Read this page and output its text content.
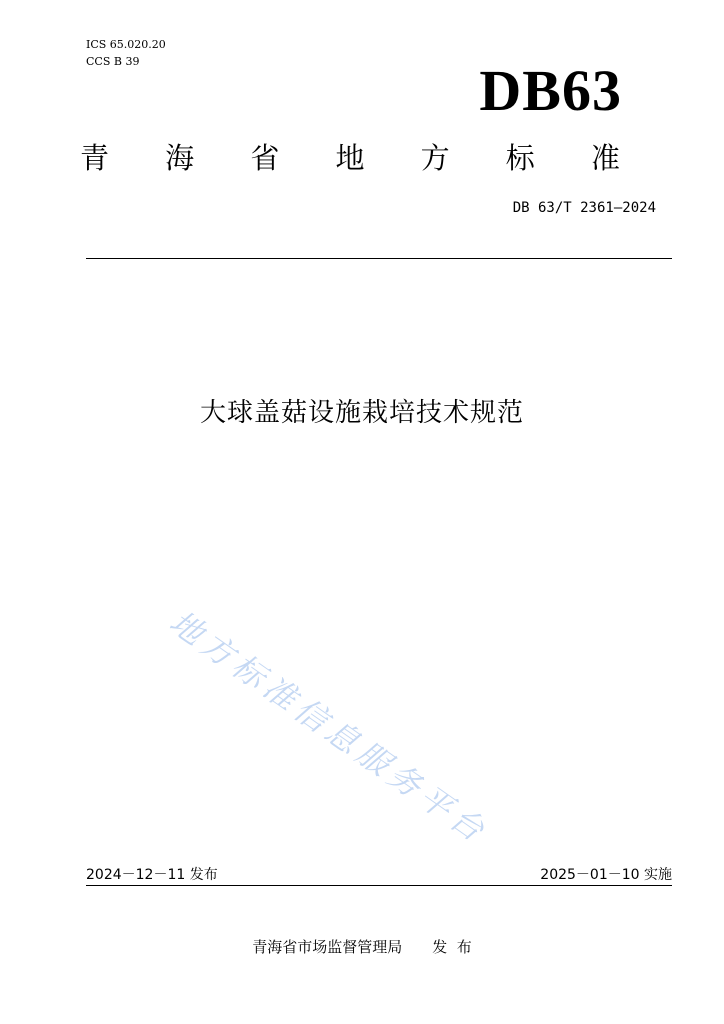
ICS 65.020.20
CCS B 39	DB63
青 海 省 地 方 标 准
DB 63/T 2361—2024
大球盖菇设施栽培技术规范
地方标准信息服务平台
2024－12－11 发布	2025－01－10 实施
青海省市场监督管理局 发  布
